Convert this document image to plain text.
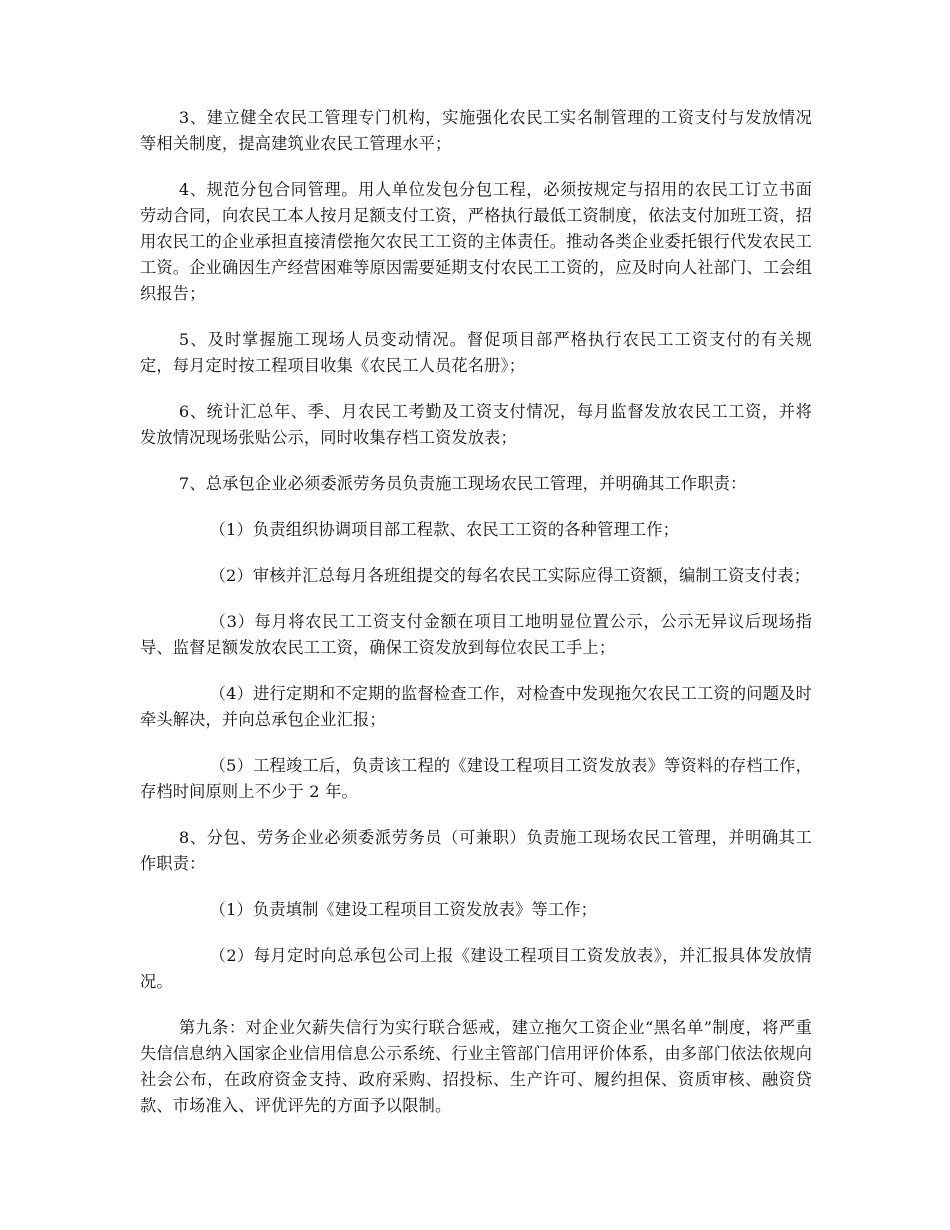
3、建立健全农民工管理专门机构，实施强化农民工实名制管理的工资支付与发放情况等相关制度，提高建筑业农民工管理水平；

4、规范分包合同管理。用人单位发包分包工程，必须按规定与招用的农民工订立书面劳动合同，向农民工本人按月足额支付工资，严格执行最低工资制度，依法支付加班工资，招用农民工的企业承担直接清偿拖欠农民工工资的主体责任。推动各类企业委托银行代发农民工工资。企业确因生产经营困难等原因需要延期支付农民工工资的，应及时向人社部门、工会组织报告；

5、及时掌握施工现场人员变动情况。督促项目部严格执行农民工工资支付的有关规定，每月定时按工程项目收集《农民工人员花名册》；

6、统计汇总年、季、月农民工考勤及工资支付情况，每月监督发放农民工工资，并将发放情况现场张贴公示，同时收集存档工资发放表；

7、总承包企业必须委派劳务员负责施工现场农民工管理，并明确其工作职责：

（1）负责组织协调项目部工程款、农民工工资的各种管理工作；

（2）审核并汇总每月各班组提交的每名农民工实际应得工资额，编制工资支付表；

（3）每月将农民工工资支付金额在项目工地明显位置公示，公示无异议后现场指导、监督足额发放农民工工资，确保工资发放到每位农民工手上；

（4）进行定期和不定期的监督检查工作，对检查中发现拖欠农民工工资的问题及时牵头解决，并向总承包企业汇报；

（5）工程竣工后，负责该工程的《建设工程项目工资发放表》等资料的存档工作，存档时间原则上不少于 2 年。

8、分包、劳务企业必须委派劳务员（可兼职）负责施工现场农民工管理，并明确其工作职责：

（1）负责填制《建设工程项目工资发放表》等工作；

（2）每月定时向总承包公司上报《建设工程项目工资发放表》，并汇报具体发放情况。

第九条：对企业欠薪失信行为实行联合惩戒，建立拖欠工资企业“黑名单”制度，将严重失信信息纳入国家企业信用信息公示系统、行业主管部门信用评价体系，由多部门依法依规向社会公布，在政府资金支持、政府采购、招投标、生产许可、履约担保、资质审核、融资贷款、市场准入、评优评先的方面予以限制。
